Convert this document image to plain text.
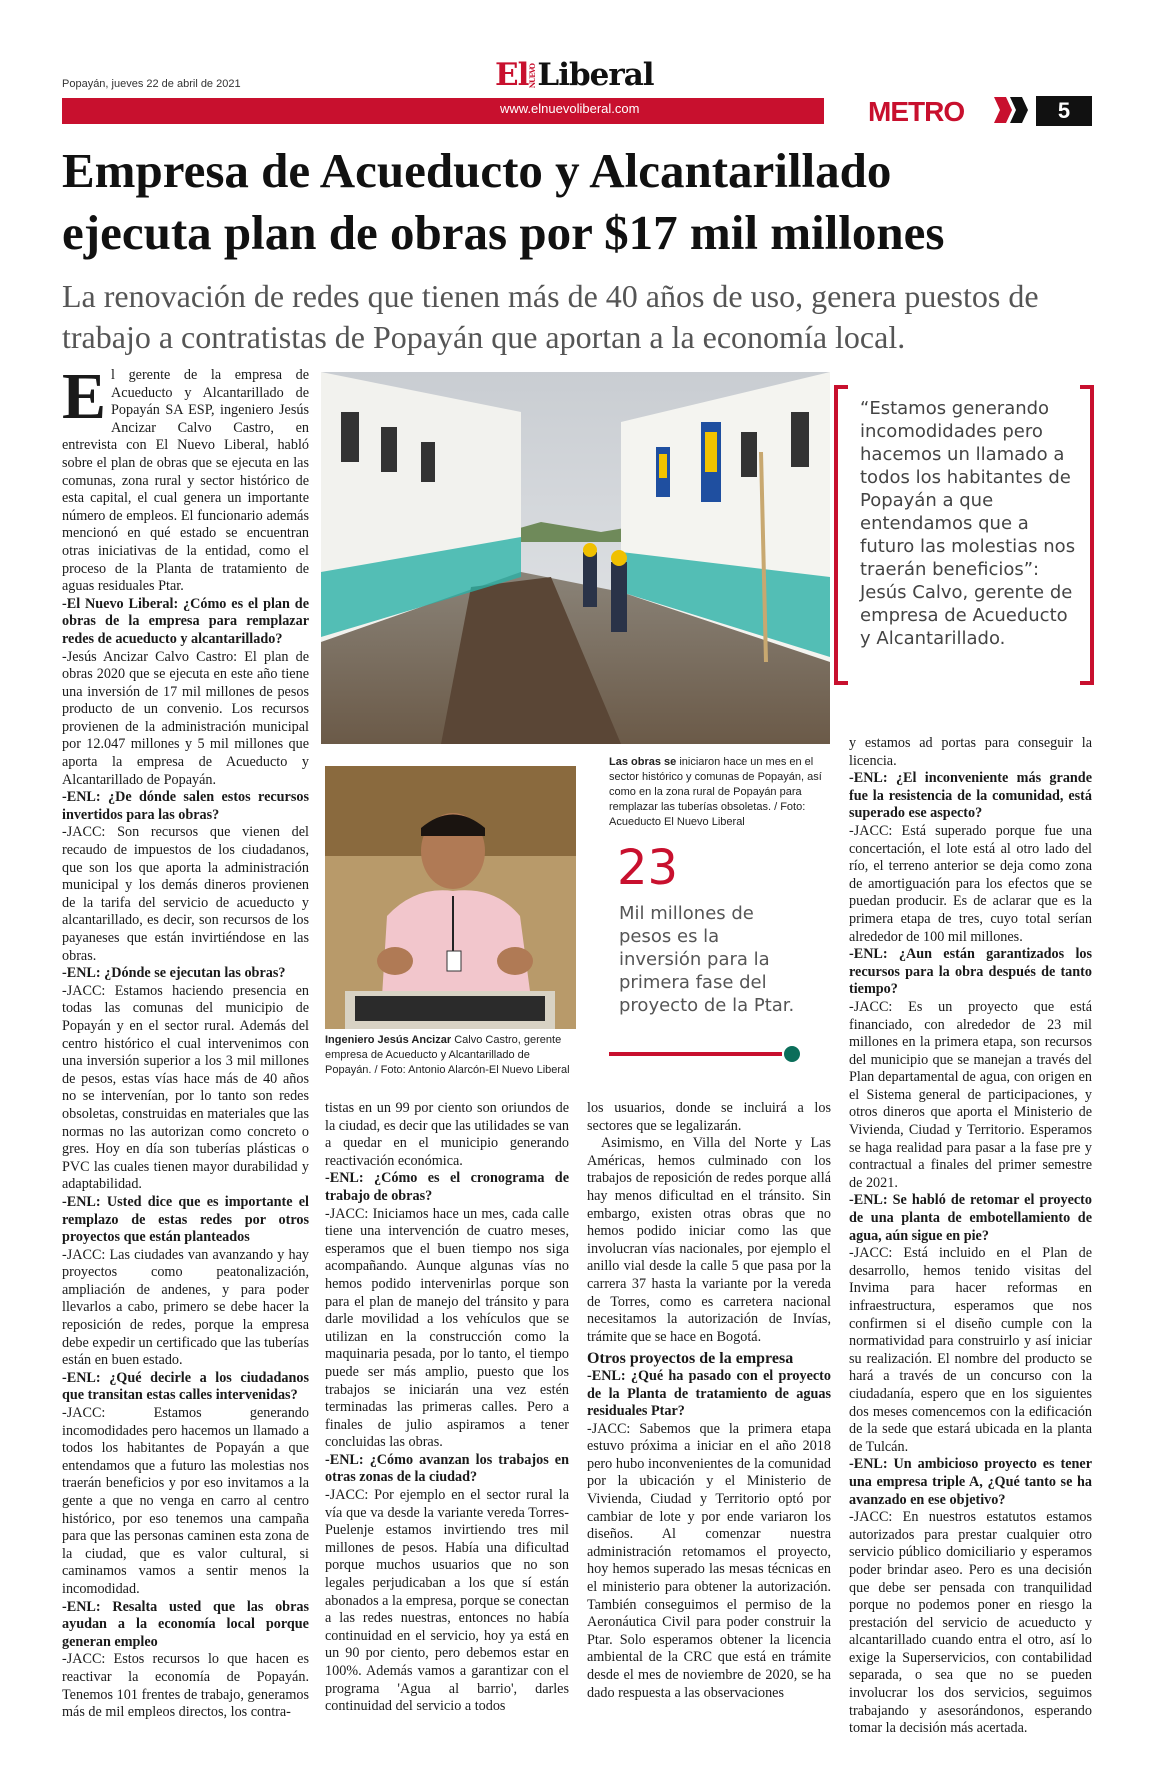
Popayán, jueves 22 de abril de 2021	ElNUEVOLiberal
www.elnuevoliberal.com	METRO	5
Empresa de Acueducto y Alcantarillado
ejecuta plan de obras por $17 mil millones
La renovación de redes que tienen más de 40 años de uso, genera puestos de trabajo a contratistas de Popayán que aportan a la economía local.
E l gerente de la empresa de Acueducto y Alcantarillado de Popayán SA ESP, ingeniero Jesús Ancizar Calvo Castro, en entrevista con El Nuevo Liberal, habló sobre el plan de obras que se ejecuta en las comunas, zona rural y sector histórico de esta capital, el cual genera un importante número de empleos. El funcionario además mencionó en qué estado se encuentran otras iniciativas de la entidad, como el proceso de la Planta de tratamiento de aguas residuales Ptar.

-El Nuevo Liberal: ¿Cómo es el plan de obras de la empresa para remplazar redes de acueducto y alcantarillado?

-Jesús Ancizar Calvo Castro: El plan de obras 2020 que se ejecuta en este año tiene una inversión de 17 mil millones de pesos producto de un convenio. Los recursos provienen de la administración municipal por 12.047 millones y 5 mil millones que aporta la empresa de Acueducto y Alcantarillado de Popayán.

-ENL: ¿De dónde salen estos recursos invertidos para las obras?

-JACC: Son recursos que vienen del recaudo de impuestos de los ciudadanos, que son los que aporta la administración municipal y los demás dineros provienen de la tarifa del servicio de acueducto y alcantarillado, es decir, son recursos de los payaneses que están invirtiéndose en las obras.

-ENL: ¿Dónde se ejecutan las obras?

-JACC: Estamos haciendo presencia en todas las comunas del municipio de Popayán y en el sector rural. Además del centro histórico el cual intervenimos con una inversión superior a los 3 mil millones de pesos, estas vías hace más de 40 años no se intervenían, por lo tanto son redes obsoletas, construidas en materiales que las normas no las autorizan como concreto o gres. Hoy en día son tuberías plásticas o PVC las cuales tienen mayor durabilidad y adaptabilidad.

-ENL: Usted dice que es importante el remplazo de estas redes por otros proyectos que están planteados

-JACC: Las ciudades van avanzando y hay proyectos como peatonalización, ampliación de andenes, y para poder llevarlos a cabo, primero se debe hacer la reposición de redes, porque la empresa debe expedir un certificado que las tuberías están en buen estado.

-ENL: ¿Qué decirle a los ciudadanos que transitan estas calles intervenidas?

-JACC: Estamos generando incomodidades pero hacemos un llamado a todos los habitantes de Popayán a que entendamos que a futuro las molestias nos traerán beneficios y por eso invitamos a la gente a que no venga en carro al centro histórico, por eso tenemos una campaña para que las personas caminen esta zona de la ciudad, que es valor cultural, si caminamos vamos a sentir menos la incomodidad.

-ENL: Resalta usted que las obras ayudan a la economía local porque generan empleo

-JACC: Estos recursos lo que hacen es reactivar la economía de Popayán. Tenemos 101 frentes de trabajo, generamos más de mil empleos directos, los contra-

Las obras se iniciaron hace un mes en el sector histórico y comunas de Popayán, así como en la zona rural de Popayán para remplazar las tuberías obsoletas. / Foto: Acueducto El Nuevo Liberal
Ingeniero Jesús Ancizar Calvo Castro, gerente empresa de Acueducto y Alcantarillado de Popayán. / Foto: Antonio Alarcón-El Nuevo Liberal
“Estamos generando incomodidades pero hacemos un llamado a todos los habitantes de Popayán a que entendamos que a futuro las molestias nos traerán beneficios”: Jesús Calvo, gerente de empresa de Acueducto y Alcantarillado.
23
Mil millones de pesos es la inversión para la primera fase del proyecto de la Ptar.

tistas en un 99 por ciento son oriundos de la ciudad, es decir que las utilidades se van a quedar en el municipio generando reactivación económica.

-ENL: ¿Cómo es el cronograma de trabajo de obras?

-JACC: Iniciamos hace un mes, cada calle tiene una intervención de cuatro meses, esperamos que el buen tiempo nos siga acompañando. Aunque algunas vías no hemos podido intervenirlas porque son para el plan de manejo del tránsito y para darle movilidad a los vehículos que se utilizan en la construcción como la maquinaria pesada, por lo tanto, el tiempo puede ser más amplio, puesto que los trabajos se iniciarán una vez estén terminadas las primeras calles. Pero a finales de julio aspiramos a tener concluidas las obras.

-ENL: ¿Cómo avanzan los trabajos en otras zonas de la ciudad?

-JACC: Por ejemplo en el sector rural la vía que va desde la variante vereda Torres-Puelenje estamos invirtiendo tres mil millones de pesos. Había una dificultad porque muchos usuarios que no son legales perjudicaban a los que sí están abonados a la empresa, porque se conectan a las redes nuestras, entonces no había continuidad en el servicio, hoy ya está en un 90 por ciento, pero debemos estar en 100%. Además vamos a garantizar con el programa 'Agua al barrio', darles continuidad del servicio a todos

los usuarios, donde se incluirá a los sectores que se legalizarán.

Asimismo, en Villa del Norte y Las Américas, hemos culminado con los trabajos de reposición de redes porque allá hay menos dificultad en el tránsito. Sin embargo, existen otras obras que no hemos podido iniciar como las que involucran vías nacionales, por ejemplo el anillo vial desde la calle 5 que pasa por la carrera 37 hasta la variante por la vereda de Torres, como es carretera nacional necesitamos la autorización de Invías, trámite que se hace en Bogotá.

Otros proyectos de la empresa

-ENL: ¿Qué ha pasado con el proyecto de la Planta de tratamiento de aguas residuales Ptar?

-JACC: Sabemos que la primera etapa estuvo próxima a iniciar en el año 2018 pero hubo inconvenientes de la comunidad por la ubicación y el Ministerio de Vivienda, Ciudad y Territorio optó por cambiar de lote y por ende variaron los diseños. Al comenzar nuestra administración retomamos el proyecto, hoy hemos superado las mesas técnicas en el ministerio para obtener la autorización. También conseguimos el permiso de la Aeronáutica Civil para poder construir la Ptar. Solo esperamos obtener la licencia ambiental de la CRC que está en trámite desde el mes de noviembre de 2020, se ha dado respuesta a las observaciones

y estamos ad portas para conseguir la licencia.

-ENL: ¿El inconveniente más grande fue la resistencia de la comunidad, está superado ese aspecto?

-JACC: Está superado porque fue una concertación, el lote está al otro lado del río, el terreno anterior se deja como zona de amortiguación para los efectos que se puedan producir. Es de aclarar que es la primera etapa de tres, cuyo total serían alrededor de 100 mil millones.

-ENL: ¿Aun están garantizados los recursos para la obra después de tanto tiempo?

-JACC: Es un proyecto que está financiado, con alrededor de 23 mil millones en la primera etapa, son recursos del municipio que se manejan a través del Plan departamental de agua, con origen en el Sistema general de participaciones, y otros dineros que aporta el Ministerio de Vivienda, Ciudad y Territorio. Esperamos se haga realidad para pasar a la fase pre y contractual a finales del primer semestre de 2021.

-ENL: Se habló de retomar el proyecto de una planta de embotellamiento de agua, aún sigue en pie?

-JACC: Está incluido en el Plan de desarrollo, hemos tenido visitas del Invima para hacer reformas en infraestructura, esperamos que nos confirmen si el diseño cumple con la normatividad para construirlo y así iniciar su realización. El nombre del producto se hará a través de un concurso con la ciudadanía, espero que en los siguientes dos meses comencemos con la edificación de la sede que estará ubicada en la planta de Tulcán.

-ENL: Un ambicioso proyecto es tener una empresa triple A, ¿Qué tanto se ha avanzado en ese objetivo?

-JACC: En nuestros estatutos estamos autorizados para prestar cualquier otro servicio público domiciliario y esperamos poder brindar aseo. Pero es una decisión que debe ser pensada con tranquilidad porque no podemos poner en riesgo la prestación del servicio de acueducto y alcantarillado cuando entra el otro, así lo exige la Superservicios, con contabilidad separada, o sea que no se pueden involucrar los dos servicios, seguimos trabajando y asesorándonos, esperando tomar la decisión más acertada.
